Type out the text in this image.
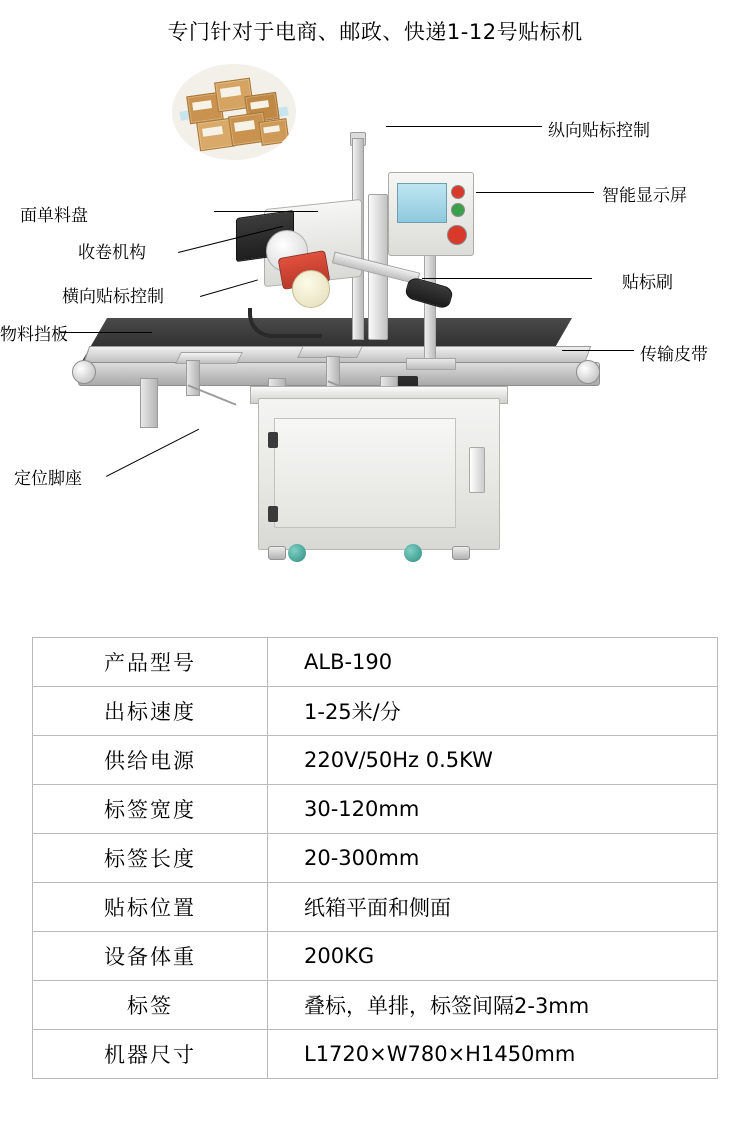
专门针对于电商、邮政、快递1-12号贴标机
纵向贴标控制
智能显示屏
贴标刷
传输皮带
面单料盘
收卷机构
横向贴标控制
物料挡板
定位脚座
产品型号	ALB-190
出标速度	1-25米/分
供给电源	220V/50Hz 0.5KW
标签宽度	30-120mm
标签长度	20-300mm
贴标位置	纸箱平面和侧面
设备体重	200KG
标签	叠标，单排，标签间隔2-3mm
机器尺寸	L1720×W780×H1450mm
